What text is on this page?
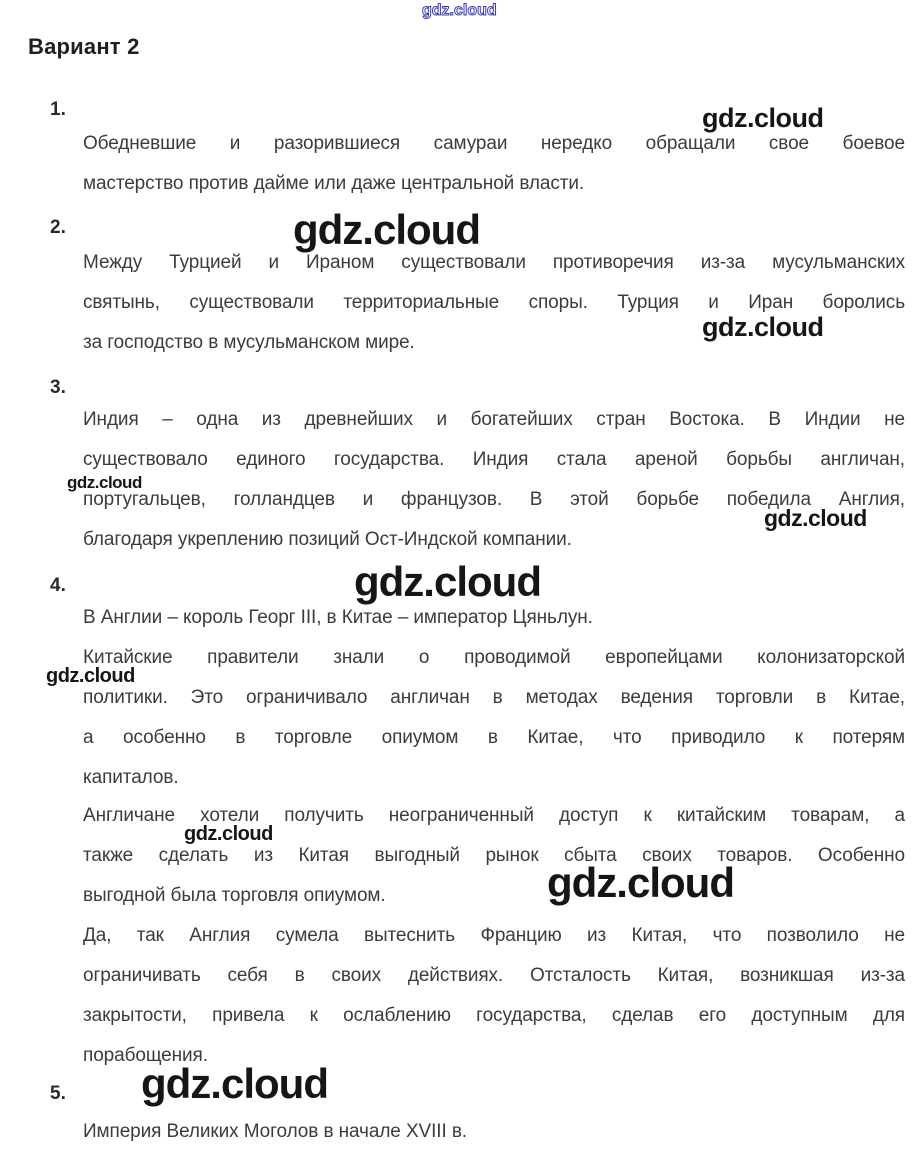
gdz.cloud
Вариант 2
1.	gdz.cloud
Обедневшие и разорившиеся самураи нередко обращали свое боевое
мастерство против дайме или даже центральной власти.
2.	gdz.cloud
gdz.cloud
Между Турцией и Ираном существовали противоречия из-за мусульманских
святынь, существовали территориальные споры. Турция и Иран боролись
за господство в мусульманском мире.
3.
gdz.cloud
gdz.cloud
Индия – одна из древнейших и богатейших стран Востока. В Индии не
существовало единого государства. Индия стала ареной борьбы англичан,
португальцев, голландцев и французов. В этой борьбе победила Англия,
благодаря укреплению позиций Ост-Индской компании.
4.	gdz.cloud
В Англии – король Георг III, в Китае – император Цяньлун.
gdz.cloud
Китайские правители знали о проводимой европейцами колонизаторской
политики. Это ограничивало англичан в методах ведения торговли в Китае,
а особенно в торговле опиумом в Китае, что приводило к потерям
капиталов.
gdz.cloud
gdz.cloud
Англичане хотели получить неограниченный доступ к китайским товарам, а
также сделать из Китая выгодный рынок сбыта своих товаров. Особенно
выгодной была торговля опиумом.
Да, так Англия сумела вытеснить Францию из Китая, что позволило не
ограничивать себя в своих действиях. Отсталость Китая, возникшая из-за
закрытости, привела к ослаблению государства, сделав его доступным для
порабощения.
5. gdz.cloud
Империя Великих Моголов в начале XVIII в.
